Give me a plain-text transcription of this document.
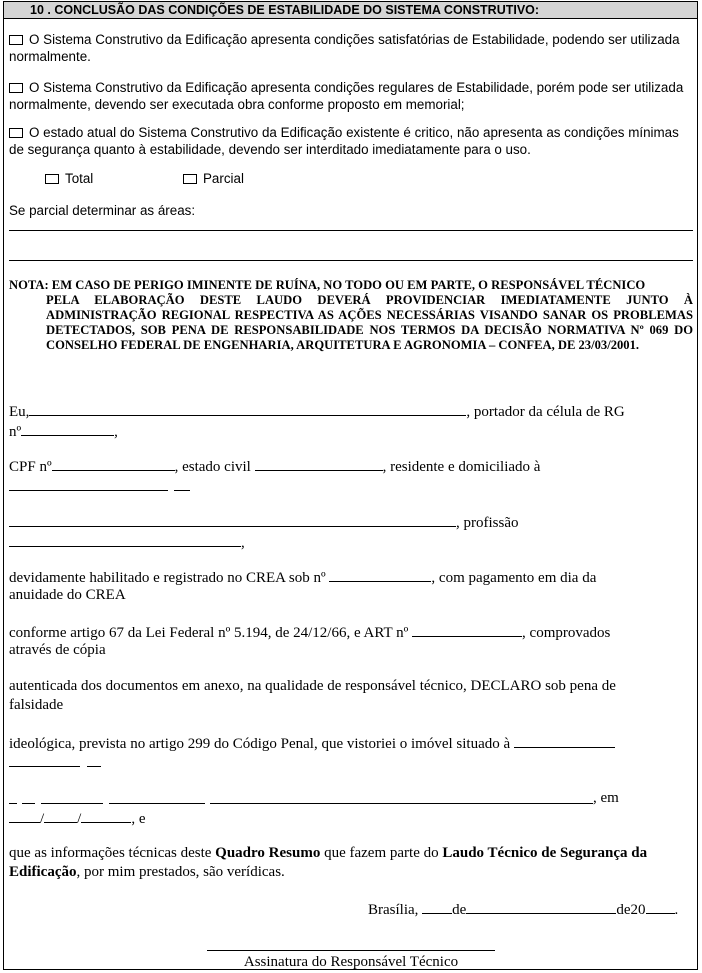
10 . CONCLUSÃO DAS CONDIÇÕES DE ESTABILIDADE DO SISTEMA CONSTRUTIVO:
O Sistema Construtivo da Edificação apresenta condições satisfatórias de Estabilidade, podendo ser utilizada normalmente.
O Sistema Construtivo da Edificação apresenta condições regulares de Estabilidade, porém pode ser utilizada normalmente, devendo ser executada obra conforme proposto em memorial;
O estado atual do Sistema Construtivo da Edificação existente é critico, não apresenta as condições mínimas de segurança quanto à estabilidade, devendo ser interditado imediatamente para o uso.
Total	Parcial
Se parcial determinar as áreas:
NOTA: EM CASO DE PERIGO IMINENTE DE RUÍNA, NO TODO OU EM PARTE, O RESPONSÁVEL TÉCNICO
PELA ELABORAÇÃO DESTE LAUDO DEVERÁ PROVIDENCIAR IMEDIATAMENTE JUNTO À ADMINISTRAÇÃO REGIONAL RESPECTIVA AS AÇÕES NECESSÁRIAS VISANDO SANAR OS PROBLEMAS DETECTADOS, SOB PENA DE RESPONSABILIDADE NOS TERMOS DA DECISÃO NORMATIVA Nº 069 DO CONSELHO FEDERAL DE ENGENHARIA, ARQUITETURA E AGRONOMIA – CONFEA, DE 23/03/2001.
Eu,	, portador da célula de RG
nº	,
CPF nº	, estado civil	, residente e domiciliado à
, profissão
,
devidamente habilitado e registrado no CREA sob nº	, com pagamento em dia da
anuidade do CREA
conforme artigo 67 da Lei Federal nº 5.194, de 24/12/66, e ART nº	, comprovados
através de cópia
autenticada dos documentos em anexo, na qualidade de responsável técnico, DECLARO sob pena de
falsidade
ideológica, prevista no artigo 299 do Código Penal, que vistoriei o imóvel situado à
, em
/ /	, e
que as informações técnicas deste Quadro Resumo que fazem parte do Laudo Técnico de Segurança da Edificação, por mim prestados, são verídicas.
Brasília, de	de20 .
Assinatura do Responsável Técnico
